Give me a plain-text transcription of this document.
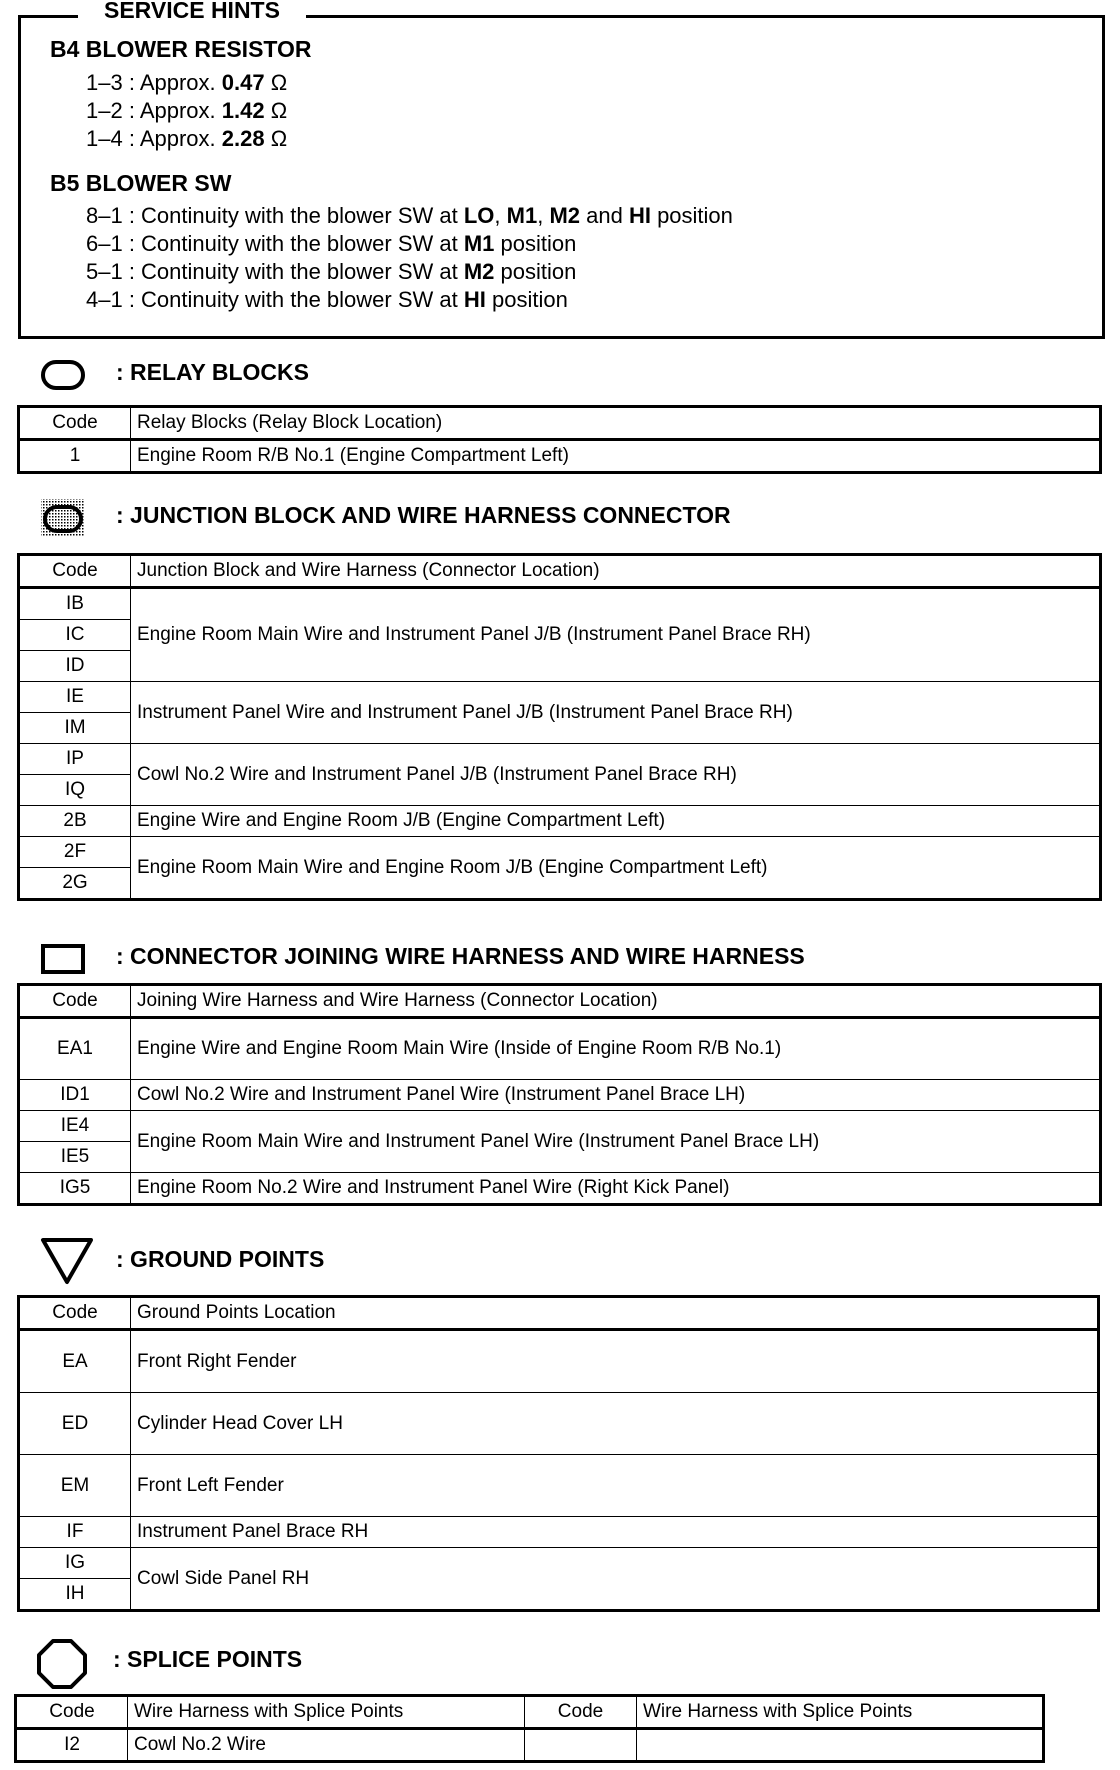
SERVICE HINTS
B4 BLOWER RESISTOR
1–3 : Approx. 0.47 Ω
1–2 : Approx. 1.42 Ω
1–4 : Approx. 2.28 Ω
B5 BLOWER SW
8–1 : Continuity with the blower SW at LO, M1, M2 and HI position
6–1 : Continuity with the blower SW at M1 position
5–1 : Continuity with the blower SW at M2 position
4–1 : Continuity with the blower SW at HI position
: RELAY BLOCKS
Code	Relay Blocks (Relay Block Location)
1	Engine Room R/B No.1 (Engine Compartment Left)
: JUNCTION BLOCK AND WIRE HARNESS CONNECTOR
Code	Junction Block and Wire Harness (Connector Location)
IB	Engine Room Main Wire and Instrument Panel J/B (Instrument Panel Brace RH)
IC	
ID	
IE	Instrument Panel Wire and Instrument Panel J/B (Instrument Panel Brace RH)
IM	
IP	Cowl No.2 Wire and Instrument Panel J/B (Instrument Panel Brace RH)
IQ	
2B	Engine Wire and Engine Room J/B (Engine Compartment Left)
2F	Engine Room Main Wire and Engine Room J/B (Engine Compartment Left)
2G	
: CONNECTOR JOINING WIRE HARNESS AND WIRE HARNESS
Code	Joining Wire Harness and Wire Harness (Connector Location)
EA1	Engine Wire and Engine Room Main Wire (Inside of Engine Room R/B No.1)
ID1	Cowl No.2 Wire and Instrument Panel Wire (Instrument Panel Brace LH)
IE4	Engine Room Main Wire and Instrument Panel Wire (Instrument Panel Brace LH)
IE5	
IG5	Engine Room No.2 Wire and Instrument Panel Wire (Right Kick Panel)
: GROUND POINTS
Code	Ground Points Location
EA	Front Right Fender
ED	Cylinder Head Cover LH
EM	Front Left Fender
IF	Instrument Panel Brace RH
IG	Cowl Side Panel RH
IH	
: SPLICE POINTS
Code	Wire Harness with Splice Points	Code	Wire Harness with Splice Points
I2	Cowl No.2 Wire		
